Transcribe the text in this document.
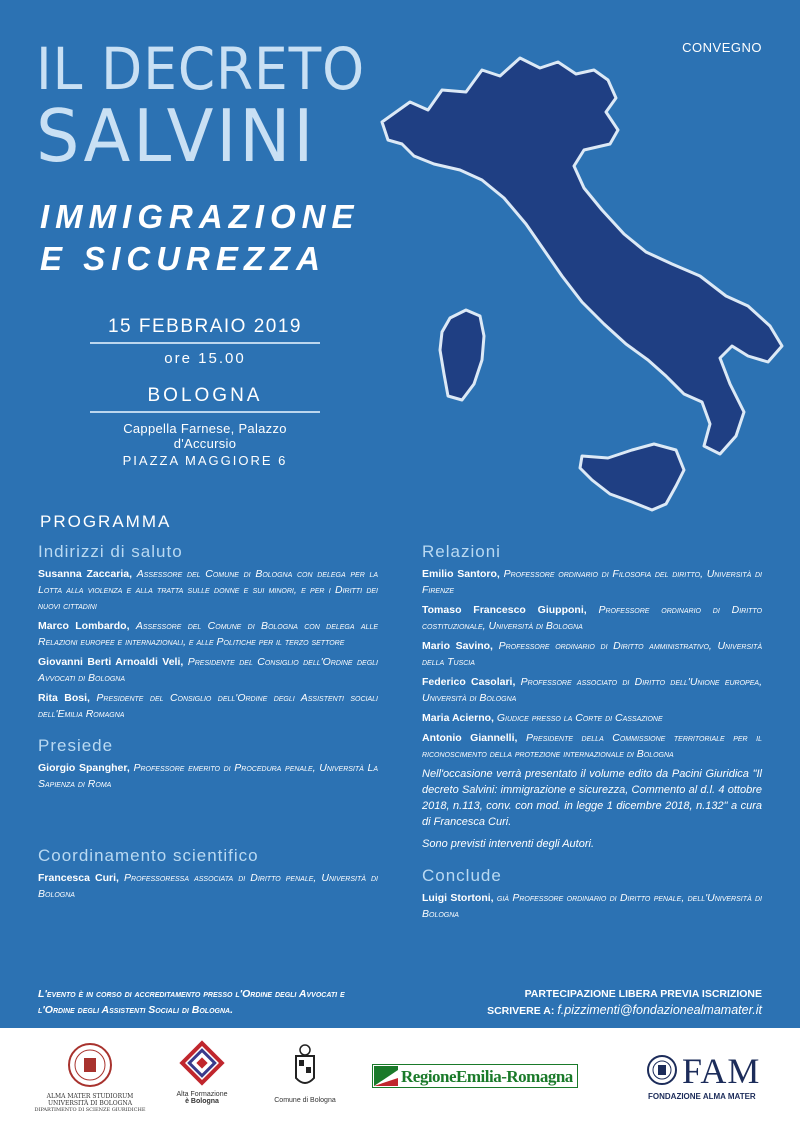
CONVEGNO
IL DECRETO
SALVINI
IMMIGRAZIONE
E SICUREZZA
15 FEBBRAIO 2019
ore 15.00
BOLOGNA
Cappella Farnese, Palazzo d'Accursio
PIAZZA MAGGIORE 6
PROGRAMMA
Indirizzi di saluto
Susanna Zaccaria, Assessore del Comune di Bologna con delega per la Lotta alla violenza e alla tratta sulle donne e sui minori, e per i Diritti dei nuovi cittadini
Marco Lombardo, Assessore del Comune di Bologna con delega alle Relazioni europee e internazionali, e alle Politiche per il terzo settore
Giovanni Berti Arnoaldi Veli, Presidente del Consiglio dell'Ordine degli Avvocati di Bologna
Rita Bosi, Presidente del Consiglio dell'Ordine degli Assistenti sociali dell'Emilia Romagna
Presiede
Giorgio Spangher, Professore emerito di Procedura penale, Università La Sapienza di Roma
Coordinamento scientifico
Francesca Curi, Professoressa associata di Diritto penale, Università di Bologna
Relazioni
Emilio Santoro, Professore ordinario di Filosofia del diritto, Università di Firenze
Tomaso Francesco Giupponi, Professore ordinario di Diritto costituzionale, Università di Bologna
Mario Savino, Professore ordinario di Diritto amministrativo, Università della Tuscia
Federico Casolari, Professore associato di Diritto dell'Unione europea, Università di Bologna
Maria Acierno, Giudice presso la Corte di Cassazione
Antonio Giannelli, Presidente della Commissione territoriale per il riconoscimento della protezione internazionale di Bologna
Nell'occasione verrà presentato il volume edito da Pacini Giuridica "Il decreto Salvini: immigrazione e sicurezza, Commento al d.l. 4 ottobre 2018, n.113, conv. con mod. in legge 1 dicembre 2018, n.132" a cura di Francesca Curi.
Sono previsti interventi degli Autori.
Conclude
Luigi Stortoni, già Professore ordinario di Diritto penale, dell'Università di Bologna
L'evento è in corso di accreditamento presso l'Ordine degli Avvocati e l'Ordine degli Assistenti Sociali di Bologna.
PARTECIPAZIONE LIBERA PREVIA ISCRIZIONE
SCRIVERE A: f.pizzimenti@fondazionealmamater.it
ALMA MATER STUDIORUM
UNIVERSITÀ DI BOLOGNA
DIPARTIMENTO DI SCIENZE GIURIDICHE
Alta Formazione
è Bologna	Comune di Bologna
RegioneEmilia-Romagna	FAM
FONDAZIONE ALMA MATER
